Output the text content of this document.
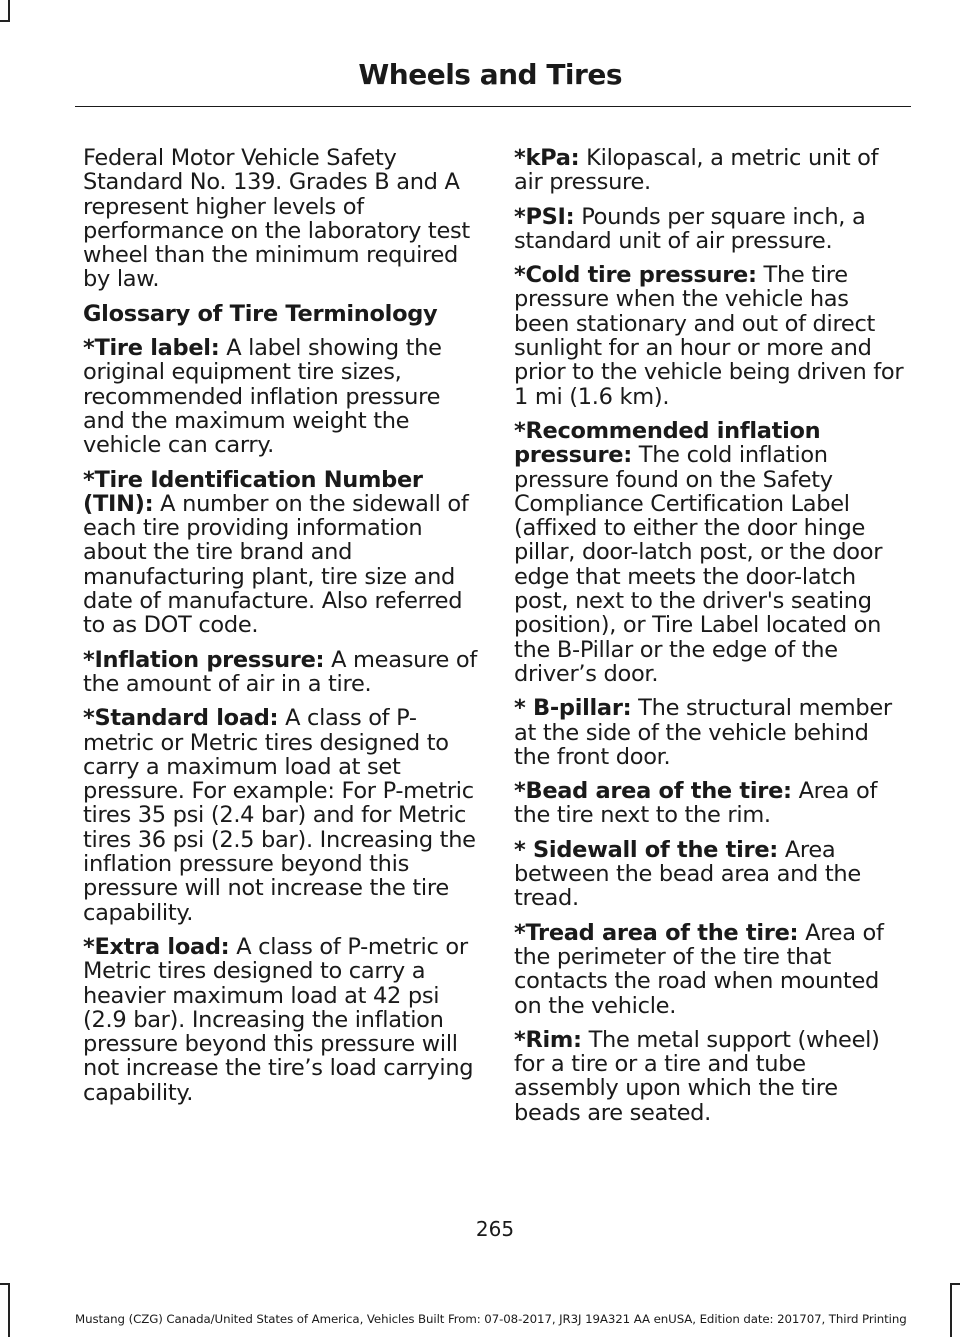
Wheels and Tires

Federal Motor Vehicle Safety Standard No. 139. Grades B and A represent higher levels of performance on the laboratory test wheel than the minimum required by law.

Glossary of Tire Terminology

*Tire label: A label showing the original equipment tire sizes, recommended inflation pressure and the maximum weight the vehicle can carry.

*Tire Identification Number (TIN): A number on the sidewall of each tire providing information about the tire brand and manufacturing plant, tire size and date of manufacture. Also referred to as DOT code.

*Inflation pressure: A measure of the amount of air in a tire.

*Standard load: A class of P-metric or Metric tires designed to carry a maximum load at set pressure. For example: For P-metric tires 35 psi (2.4 bar) and for Metric tires 36 psi (2.5 bar). Increasing the inflation pressure beyond this pressure will not increase the tire capability.

*Extra load: A class of P-metric or Metric tires designed to carry a heavier maximum load at 42 psi (2.9 bar). Increasing the inflation pressure beyond this pressure will not increase the tire’s load carrying capability.

*kPa: Kilopascal, a metric unit of air pressure.

*PSI: Pounds per square inch, a standard unit of air pressure.

*Cold tire pressure: The tire pressure when the vehicle has been stationary and out of direct sunlight for an hour or more and prior to the vehicle being driven for 1 mi (1.6 km).

*Recommended inflation pressure: The cold inflation pressure found on the Safety Compliance Certification Label (affixed to either the door hinge pillar, door-latch post, or the door edge that meets the door-latch post, next to the driver's seating position), or Tire Label located on the B-Pillar or the edge of the driver’s door.

* B-pillar: The structural member at the side of the vehicle behind the front door.

*Bead area of the tire: Area of the tire next to the rim.

* Sidewall of the tire: Area between the bead area and the tread.

*Tread area of the tire: Area of the perimeter of the tire that contacts the road when mounted on the vehicle.

*Rim: The metal support (wheel) for a tire or a tire and tube assembly upon which the tire beads are seated.

265
Mustang (CZG) Canada/United States of America, Vehicles Built From: 07-08-2017, JR3J 19A321 AA enUSA, Edition date: 201707, Third Printing
